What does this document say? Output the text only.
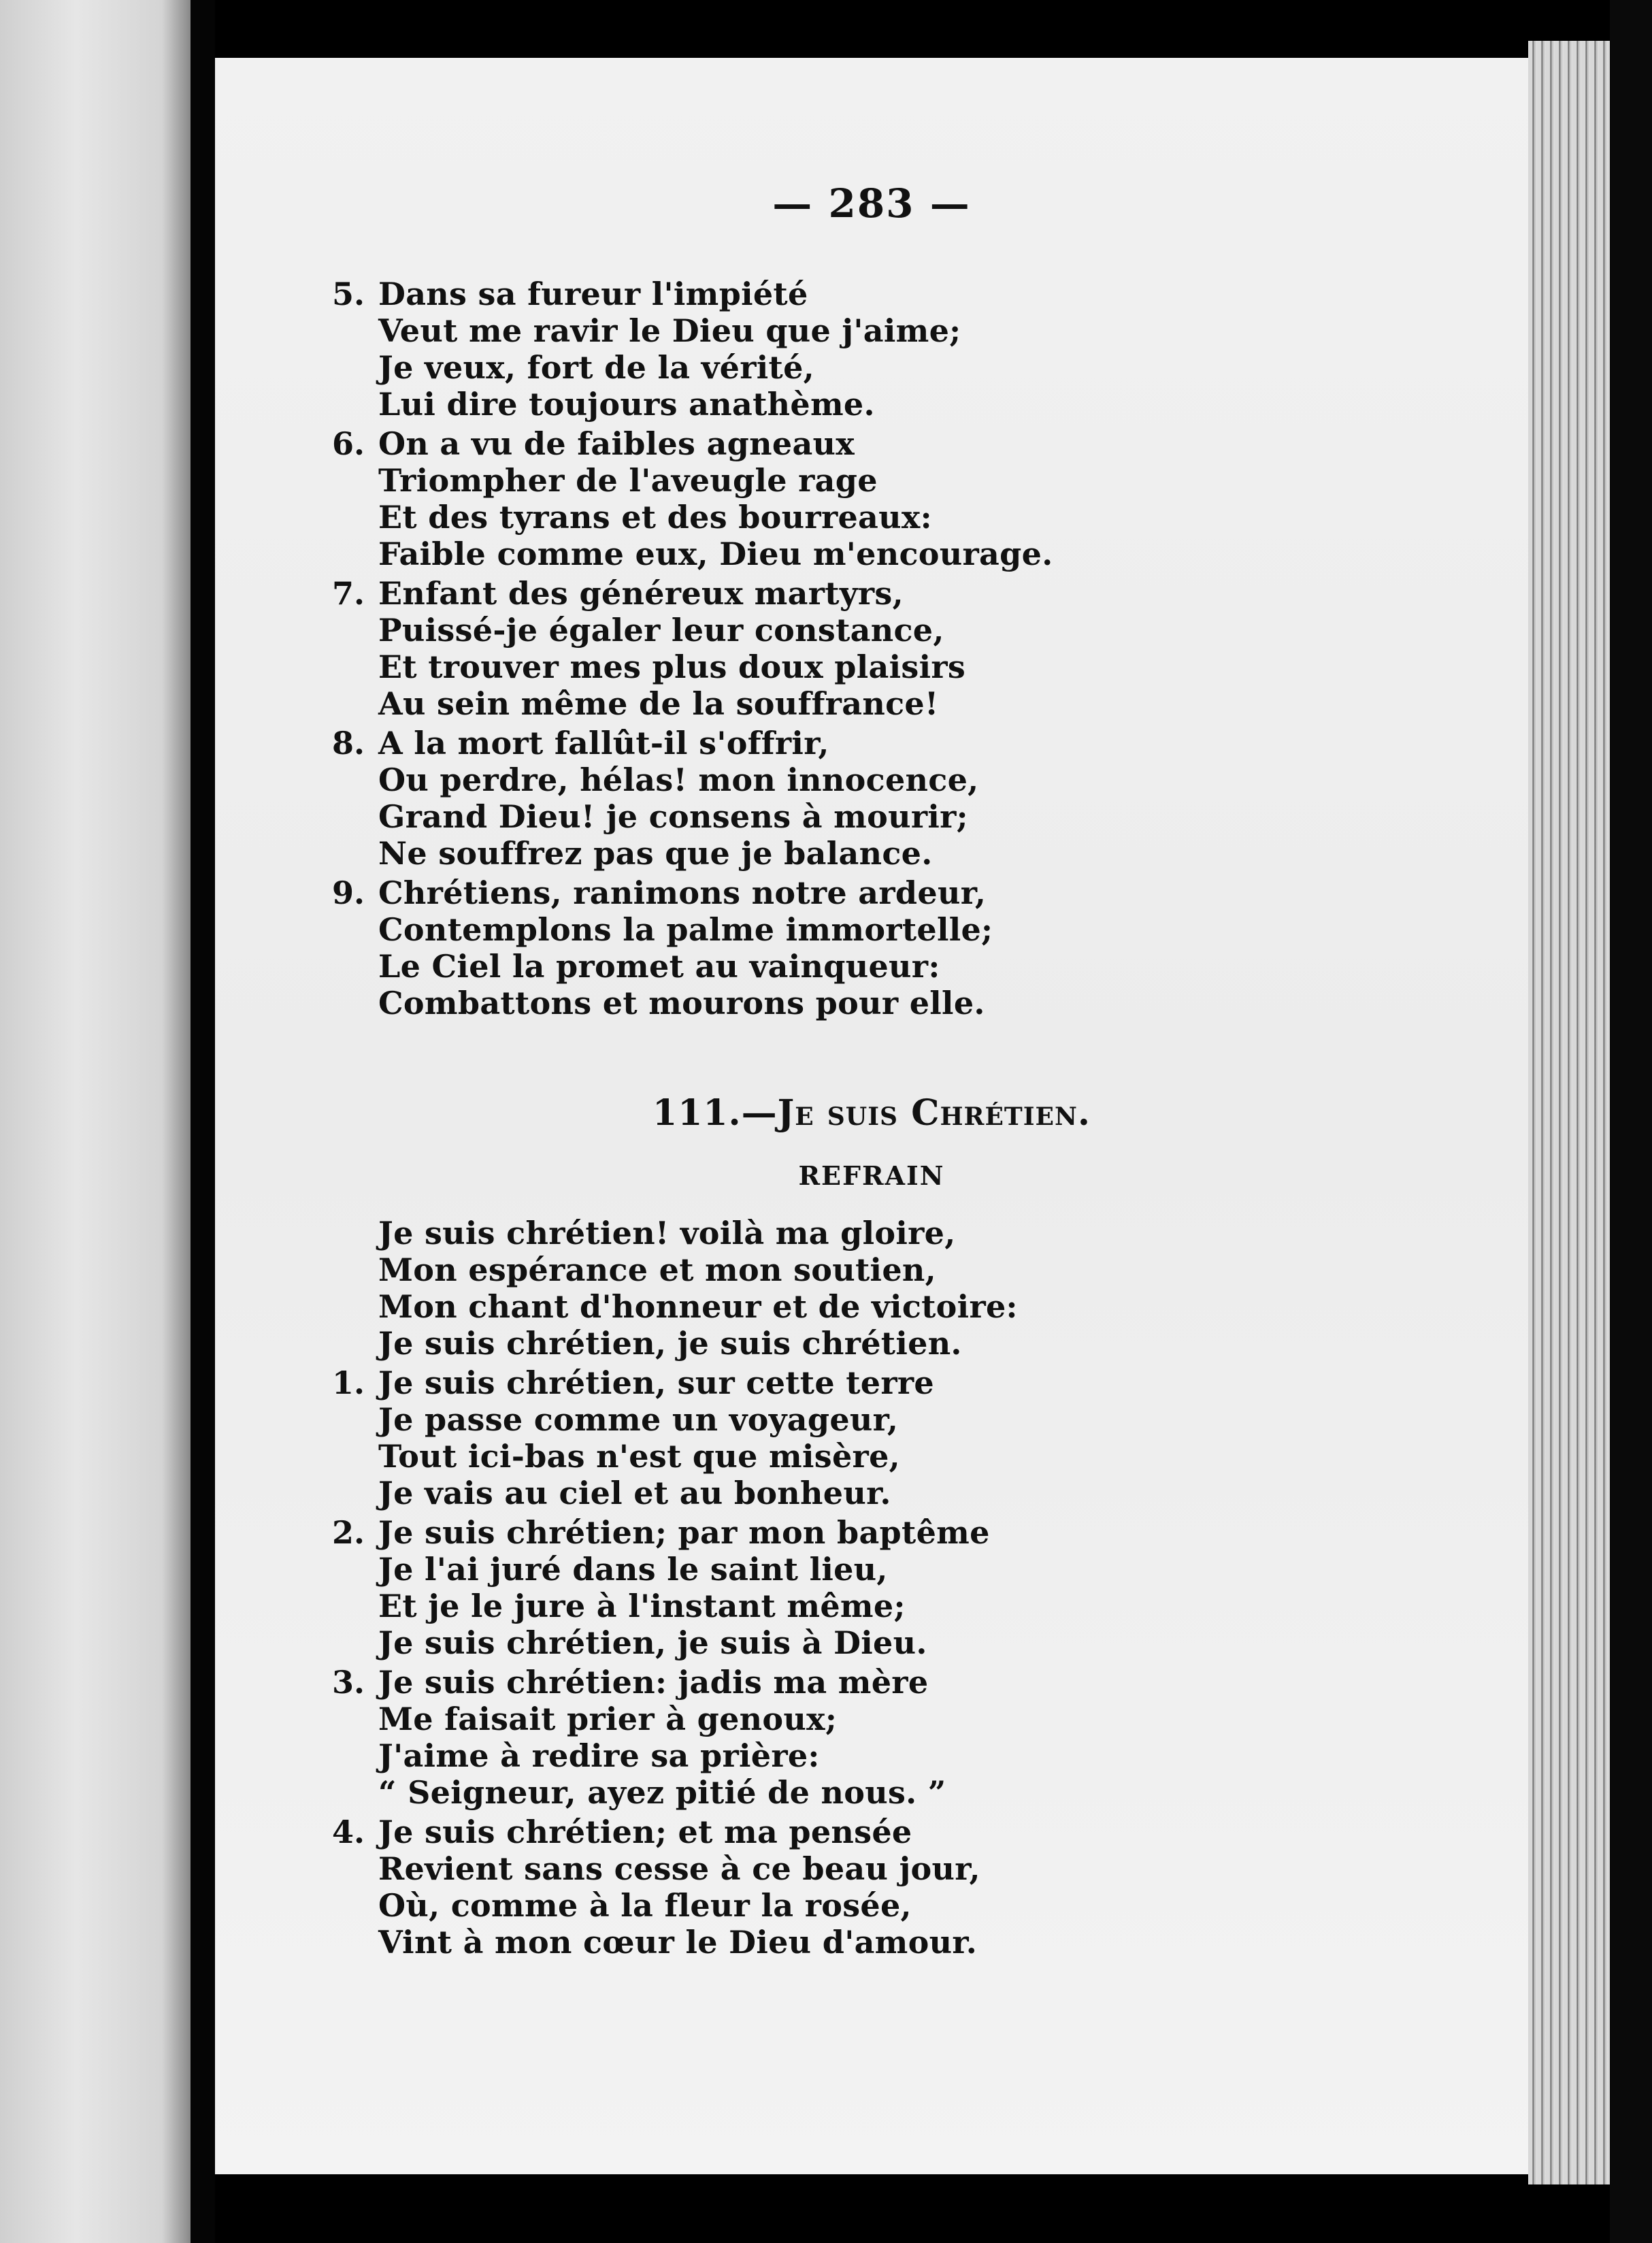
— 283 —
5. Dans sa fureur l'impiété
Veut me ravir le Dieu que j'aime;
Je veux, fort de la vérité,
Lui dire toujours anathème.
6. On a vu de faibles agneaux
Triompher de l'aveugle rage
Et des tyrans et des bourreaux:
Faible comme eux, Dieu m'encourage.
7. Enfant des généreux martyrs,
Puissé-je égaler leur constance,
Et trouver mes plus doux plaisirs
Au sein même de la souffrance!
8. A la mort fallût-il s'offrir,
Ou perdre, hélas! mon innocence,
Grand Dieu! je consens à mourir;
Ne souffrez pas que je balance.
9. Chrétiens, ranimons notre ardeur,
Contemplons la palme immortelle;
Le Ciel la promet au vainqueur:
Combattons et mourons pour elle.
111.—Je suis Chrétien.
REFRAIN
Je suis chrétien! voilà ma gloire,
Mon espérance et mon soutien,
Mon chant d'honneur et de victoire:
Je suis chrétien, je suis chrétien.
1. Je suis chrétien, sur cette terre
Je passe comme un voyageur,
Tout ici-bas n'est que misère,
Je vais au ciel et au bonheur.
2. Je suis chrétien; par mon baptême
Je l'ai juré dans le saint lieu,
Et je le jure à l'instant même;
Je suis chrétien, je suis à Dieu.
3. Je suis chrétien: jadis ma mère
Me faisait prier à genoux;
J'aime à redire sa prière:
“ Seigneur, ayez pitié de nous. ”
4. Je suis chrétien; et ma pensée
Revient sans cesse à ce beau jour,
Où, comme à la fleur la rosée,
Vint à mon cœur le Dieu d'amour.
